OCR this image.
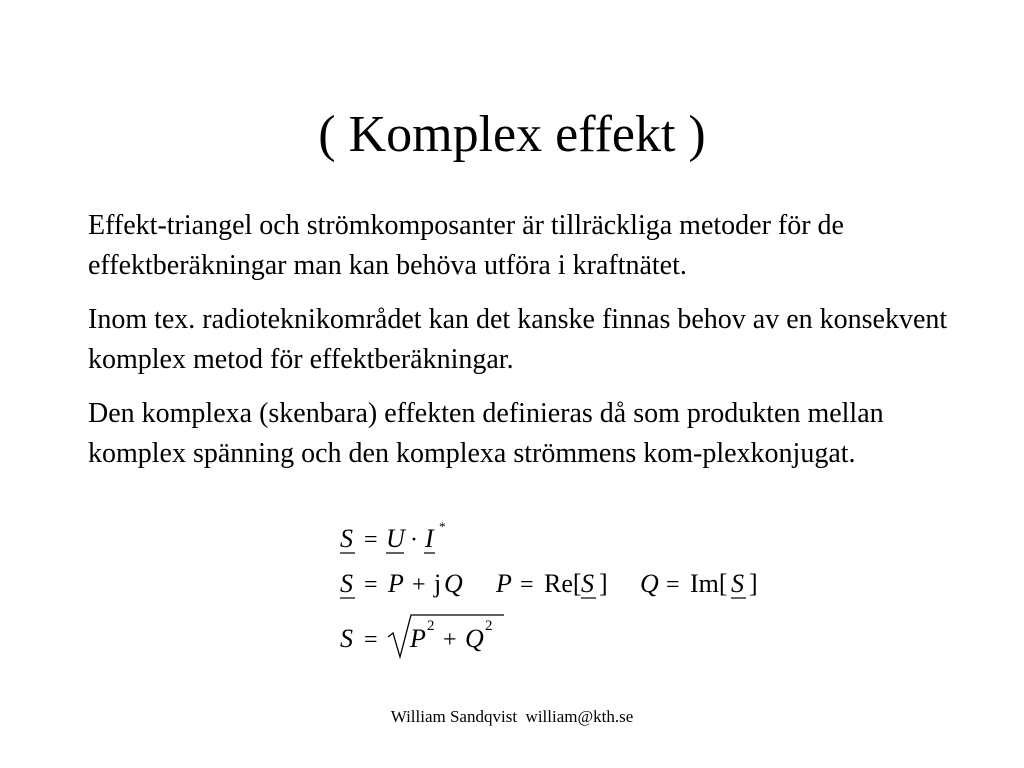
( Komplex effekt )

Effekt-triangel och strömkomposanter är tillräckliga metoder för de effektberäkningar man kan behöva utföra i kraftnätet.

Inom tex. radioteknikområdet kan det kanske finnas behov av en konsekvent komplex metod för effektberäkningar.

Den komplexa (skenbara) effekten definieras då som produkten mellan komplex spänning och den komplexa strömmens kom-plexkonjugat.

S = U · I *
S = P + j Q P = Re[ S ] Q = Im[ S ]
S = P 2
+ Q 2
William Sandqvist william@kth.se
